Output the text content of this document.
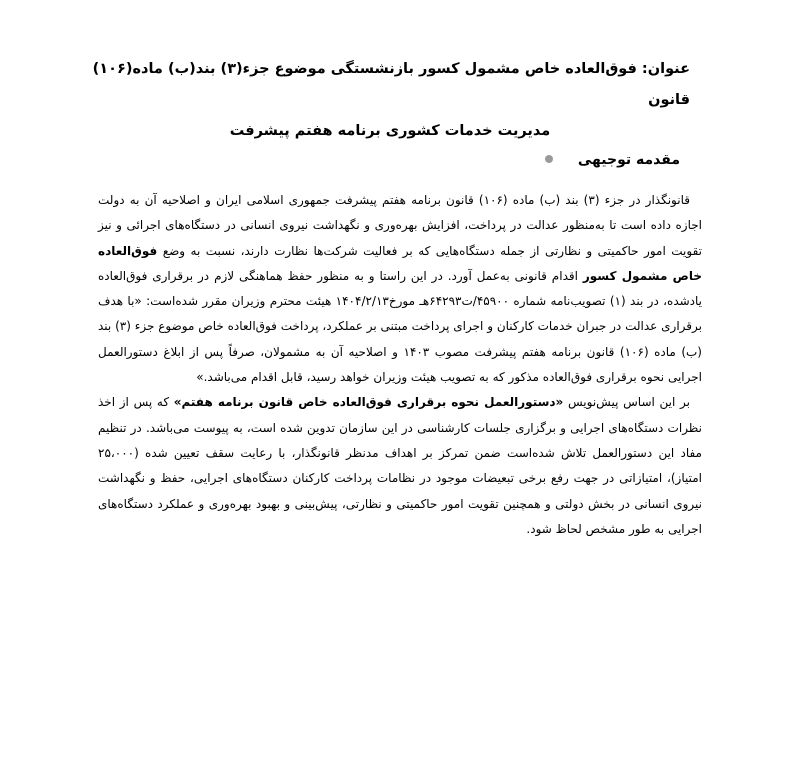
عنوان: فوق‌العاده خاص مشمول کسور بازنشستگی موضوع جزء(۳) بند(ب) ماده(۱۰۶) قانون
مدیریت خدمات کشوری برنامه هفتم پیشرفت
مقدمه توجیهی

قانونگذار در جزء (۳) بند (ب) ماده (۱۰۶) قانون برنامه هفتم پیشرفت جمهوری اسلامی ایران و اصلاحیه آن به دولت اجازه داده است تا به‌منظور عدالت در پرداخت، افزایش بهره‌وری و نگهداشت نیروی انسانی در دستگاه‌های اجرائی و نیز تقویت امور حاکمیتی و نظارتی از جمله دستگاه‌هایی که بر فعالیت شرکت‌ها نظارت دارند، نسبت به وضع فوق‌العاده خاص مشمول کسور اقدام قانونی به‌عمل آورد. در این راستا و به منظور حفظ هماهنگی لازم در برقراری فوق‌العاده یادشده، در بند (۱) تصویب‌نامه شماره ۴۵۹۰۰/ت۶۴۲۹۳هـ مورخ۱۴۰۴/۲/۱۳ هیئت محترم وزیران مقرر شده‌است: «با هدف برقراری عدالت در جبران خدمات کارکنان و اجرای پرداخت مبتنی بر عملکرد، پرداخت فوق‌العاده خاص موضوع جزء (۳) بند (ب) ماده (۱۰۶) قانون برنامه هفتم پیشرفت مصوب ۱۴۰۳ و اصلاحیه آن به مشمولان، صرفاً پس از ابلاغ دستورالعمل اجرایی نحوه برقراری فوق‌العاده مذکور که به تصویب هیئت وزیران خواهد رسید، قابل اقدام می‌باشد.»

بر این اساس پیش‌نویس «دستورالعمل نحوه برقراری فوق‌العاده خاص قانون برنامه هفتم» که پس از اخذ نظرات دستگاه‌های اجرایی و برگزاری جلسات کارشناسی در این سازمان تدوین شده است، به پیوست می‌باشد. در تنظیم مفاد این دستورالعمل تلاش شده‌است ضمن تمرکز بر اهداف مدنظر قانونگذار، با رعایت سقف تعیین شده (۲۵،۰۰۰ امتیاز)، امتیازاتی در جهت رفع برخی تبعیضات موجود در نظامات پرداخت کارکنان دستگاه‌های اجرایی، حفظ و نگهداشت نیروی انسانی در بخش دولتی و همچنین تقویت امور حاکمیتی و نظارتی، پیش‌بینی و بهبود بهره‌وری و عملکرد دستگاه‌های اجرایی به طور مشخص لحاظ شود.
